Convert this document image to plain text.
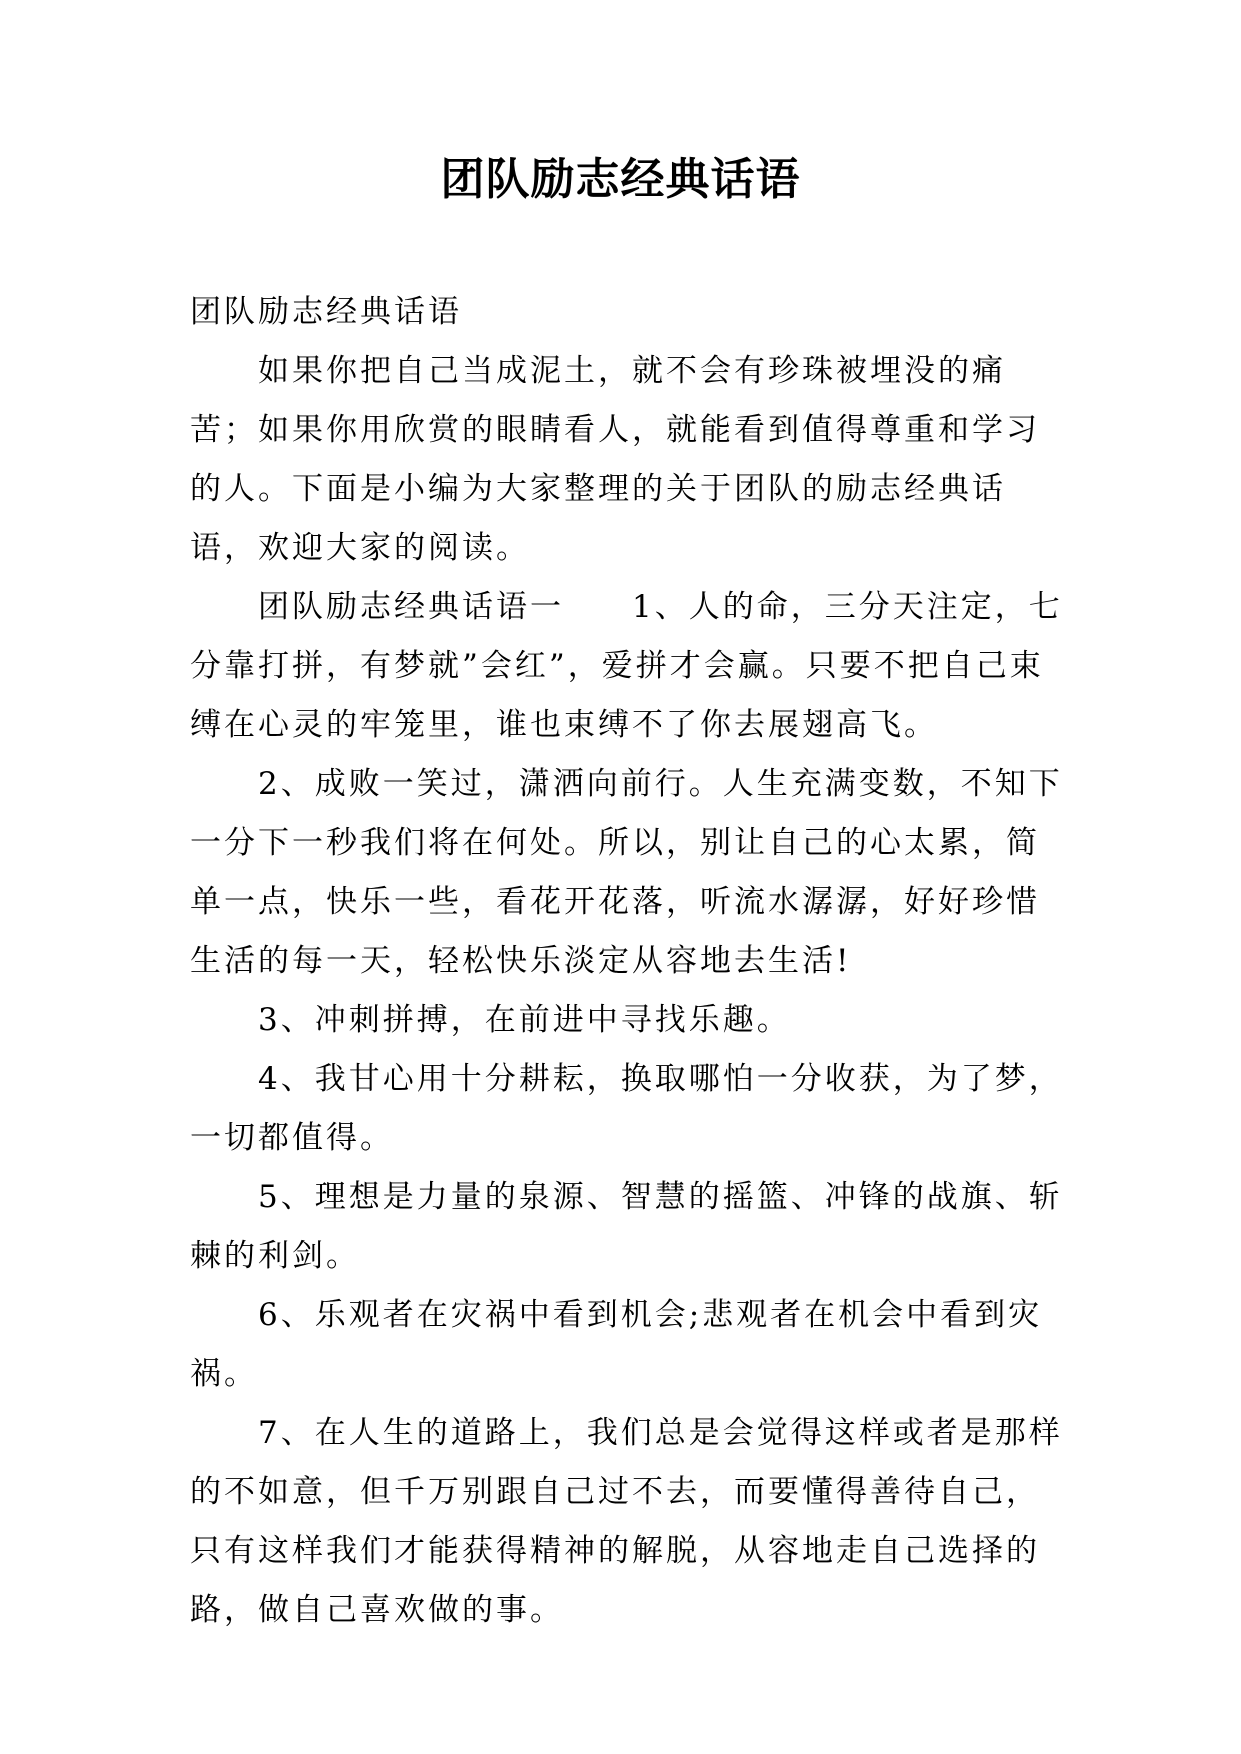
团队励志经典话语

团队励志经典话语

如果你把自己当成泥土，就不会有珍珠被埋没的痛苦；如果你用欣赏的眼睛看人，就能看到值得尊重和学习的人。下面是小编为大家整理的关于团队的励志经典话语，欢迎大家的阅读。

团队励志经典话语一　　1、人的命，三分天注定，七分靠打拼，有梦就”会红”，爱拼才会赢。只要不把自己束缚在心灵的牢笼里，谁也束缚不了你去展翅高飞。

2、成败一笑过，潇洒向前行。人生充满变数，不知下一分下一秒我们将在何处。所以，别让自己的心太累，简单一点，快乐一些，看花开花落，听流水潺潺，好好珍惜生活的每一天，轻松快乐淡定从容地去生活!

3、冲刺拼搏，在前进中寻找乐趣。

4、我甘心用十分耕耘，换取哪怕一分收获，为了梦，一切都值得。

5、理想是力量的泉源、智慧的摇篮、冲锋的战旗、斩棘的利剑。

6、乐观者在灾祸中看到机会;悲观者在机会中看到灾祸。

7、在人生的道路上，我们总是会觉得这样或者是那样的不如意，但千万别跟自己过不去，而要懂得善待自己，只有这样我们才能获得精神的解脱，从容地走自己选择的路，做自己喜欢做的事。
